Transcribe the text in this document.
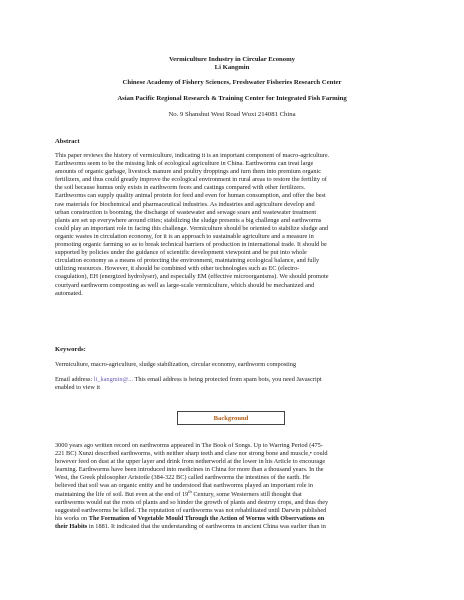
Vermiculture Industry in Circular Economy
Li Kangmin
Chinese Academy of Fishery Sciences, Freshwater Fisheries Research Center
Asian Pacific Regional Research & Training Center for Integrated Fish Farming
No. 9 Shanshui West Road Wuxi 214081 China
Abstract
This paper reviews the history of vermiculture, indicating it is an important component of macro-agriculture.
Earthworms seem to be the missing link of ecological agriculture in China. Earthworms can treat large
amounts of organic garbage, livestock manure and poultry droppings and turn them into premium organic
fertilizers, and thus could greatly improve the ecological environment in rural areas to restore the fertility of
the soil because humus only exists in earthworm feces and castings compared with other fertilizers.
Earthworms can supply quality animal protein for feed and even for human consumption, and offer the best
raw materials for biochemical and pharmaceutical industries. As industries and agriculture develop and
urban construction is booming, the discharge of wastewater and sewage soars and wastewater treatment
plants are set up everywhere around cities; stabilizing the sludge presents a big challenge and earthworms
could play an important role in facing this challenge. Vermiculture should be oriented to stabilize sludge and
organic wastes in circulation economy, for it is an approach to sustainable agriculture and a measure in
promoting organic farming so as to break technical barriers of production in international trade. It should be
supported by policies under the guidance of scientific development viewpoint and be put into whole
circulation economy as a means of protecting the environment, maintaining ecological balance, and fully
utilizing resources. However, it should be combined with other technologies such as EC (electro-
coagulation), EH (energized hydrolyser), and especially EM (effective microorganisms). We should promote
courtyard earthworm composting as well as large-scale vermiculture, which should be mechanized and
automated.
Keywords:
Vermiculture, macro-agriculture, sludge stabilization, circular economy, earthworm composting
Email address: li_kangmin@... This email address is being protected from spam bots, you need Javascript
enabled to view it
Background
3000 years ago written record on earthworms appeared in The Book of Songs. Up to Warring Period (475-
221 BC) Xunzi described earthworms, with neither sharp teeth and claw nor strong bone and muscle,• could
however feed on dust at the upper layer and drink from netherworld at the lower in his Article to encourage
learning. Earthworms have been introduced into medicines in China for more than a thousand years. In the
West, the Greek philosopher Aristotle (384-322 BC) called earthworms the intestines of the earth. He
believed that soil was an organic entity and he understood that earthworms played an important role in
maintaining the life of soil. But even at the end of 19th Century, some Westerners still thought that
earthworms would eat the roots of plants and so hinder the growth of plants and destroy crops, and thus they
suggested earthworms be killed. The reputation of earthworms was not rehabilitated until Darwin published
his works on The Formation of Vegetable Mould Through the Action of Worms with Observations on
their Habits in 1881. It indicated that the understanding of earthworms in ancient China was earlier than in
